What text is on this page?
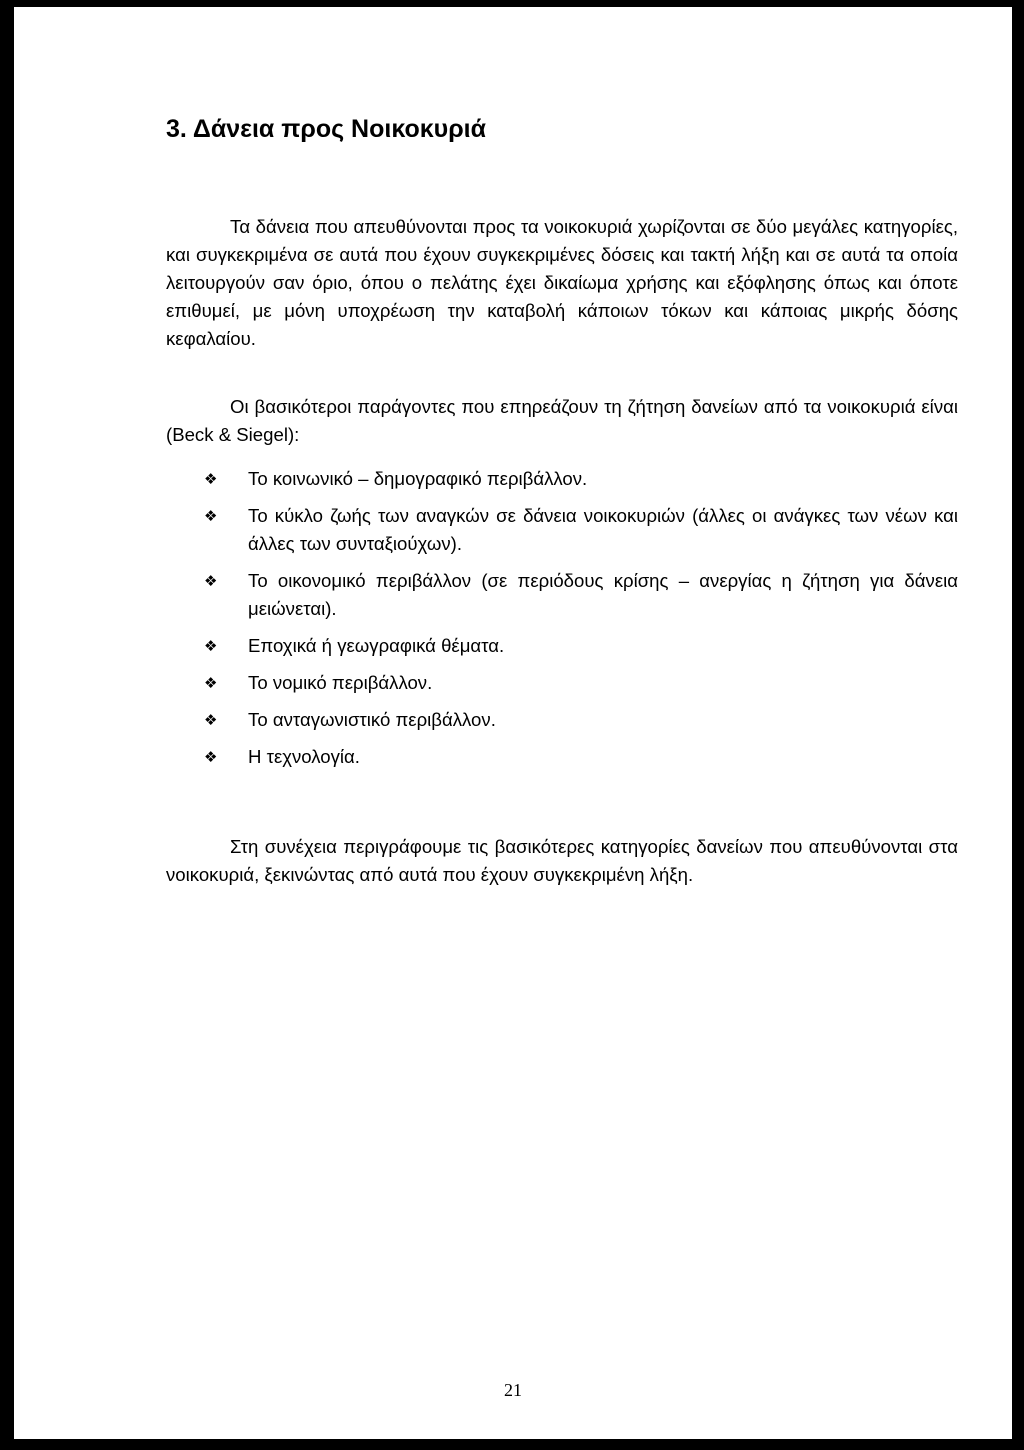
3. Δάνεια προς Νοικοκυριά

Τα δάνεια που απευθύνονται προς τα νοικοκυριά χωρίζονται σε δύο μεγάλες κατηγορίες, και συγκεκριμένα σε αυτά που έχουν συγκεκριμένες δόσεις και τακτή λήξη και σε αυτά τα οποία λειτουργούν σαν όριο, όπου ο πελάτης έχει δικαίωμα χρήσης και εξόφλησης όπως και όποτε επιθυμεί, με μόνη υποχρέωση την καταβολή κάποιων τόκων και κάποιας μικρής δόσης κεφαλαίου.

Οι βασικότεροι παράγοντες που επηρεάζουν τη ζήτηση δανείων από τα νοικοκυριά είναι (Beck & Siegel):

❖ Το κοινωνικό – δημογραφικό περιβάλλον.
❖ Το κύκλο ζωής των αναγκών σε δάνεια νοικοκυριών (άλλες οι ανάγκες των νέων και άλλες των συνταξιούχων).
❖ Το οικονομικό περιβάλλον (σε περιόδους κρίσης – ανεργίας η ζήτηση για δάνεια μειώνεται).
❖ Εποχικά ή γεωγραφικά θέματα.
❖ Το νομικό περιβάλλον.
❖ Το ανταγωνιστικό περιβάλλον.
❖ Η τεχνολογία.

Στη συνέχεια περιγράφουμε τις βασικότερες κατηγορίες δανείων που απευθύνονται στα νοικοκυριά, ξεκινώντας από αυτά που έχουν συγκεκριμένη λήξη.

21
